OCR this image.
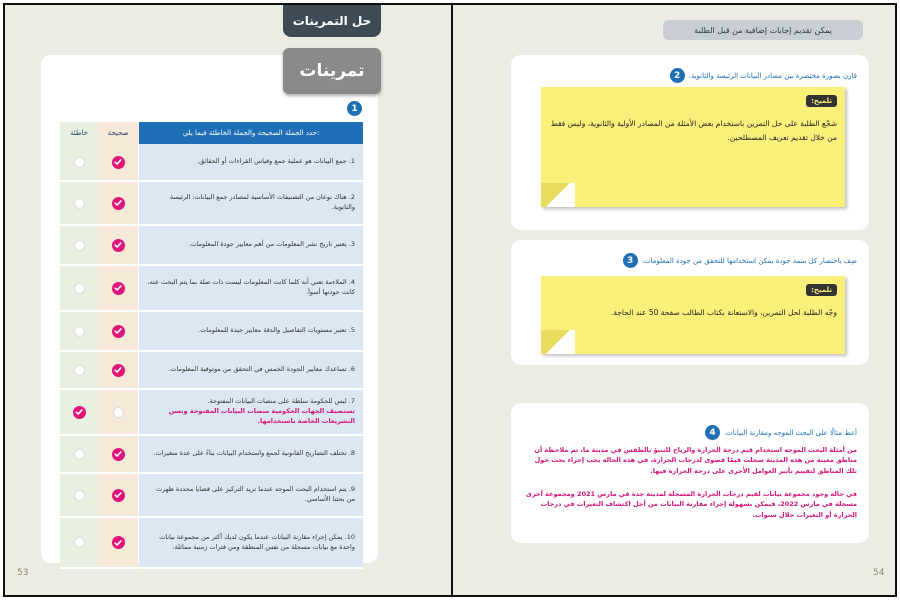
حل التمرينات
تمرينات
1
حدد الجملة الصحيحة والجملة الخاطئة فيما يلي:
صحيحة
خاطئة
1. جمع البيانات هو عملية جمع وقياس القراءات أو الحقائق.
2. هناك نوعان من التصنيفات الأساسية لمصادر جمع البيانات: الرئيسة والثانوية.
3. يعتبر تاريخ نشر المعلومات من أهم معايير جودة المعلومات.
4. الملاءمة تعني أنه كلما كانت المعلومات ليست ذات صلة بما يتم البحث عنه، كانت جودتها أسوأ.
5. تعتبر مستويات التفاصيل والدقة معايير جيدة للمعلومات.
6. تساعدك معايير الجودة الخمس في التحقق من موثوقية المعلومات.
7. ليس للحكومة سلطة على منصات البيانات المفتوحة.
تستضيف الجهات الحكومية منصات البيانات المفتوحة وتسن التشريعات الخاصة باستخدامها.
8. تختلف التصاريح القانونية لجمع واستخدام البيانات بناءً على عدة متغيرات.
9. يتم استخدام البحث الموجه عندما تريد التركيز على قضايا محددة ظهرت من بحثنا الأساسي.
10. يمكن إجراء مقارنة البيانات عندما يكون لديك أكثر من مجموعة بيانات واحدة مع بيانات مسجلة من نفس المنطقة ومن فترات زمنية مماثلة.
53
يمكن تقديم إجابات إضافية من قبل الطلبة
قارن بصورة مختصرة بين مصادر البيانات الرئيسة والثانوية.
2
تلميح:
شجّع الطلبة على حل التمرين باستخدام بعض الأمثلة من المصادر الأولية والثانوية، وليس فقط من خلال تقديم تعريف المصطلحين.
صِف باختصار كل سمة جودة يمكن استخدامها للتحقق من جودة المعلومات.
3
تلميح:
وجّه الطلبة لحل التمرين، والاستعانة بكتاب الطالب صفحة 50 عند الحاجة.
أعط مثالًا على البحث الموجه ومقارنة البيانات.
4
من أمثلة البحث الموجه استخدام قيم درجة الحرارة والرياح للتنبؤ بالطقس في مدينة ما، ثم ملاحظة أن مناطق معينة من هذه المدينة سجلت قيمًا قصوى لدرجات الحرارة، في هذه الحالة يجب إجراء بحث حول تلك المناطق لتقييم تأثير العوامل الأخرى على درجة الحرارة فيها.
في حالة وجود مجموعة بيانات لقيم درجات الحرارة المسجلة لمدينة جدة في مارس 2021 ومجموعة أخرى مسجلة في مارس 2022، فيمكن بسهولة إجراء مقارنة البيانات من أجل اكتشاف التغيرات في درجات الحرارة أو التغيرات خلال سنوات.
54
